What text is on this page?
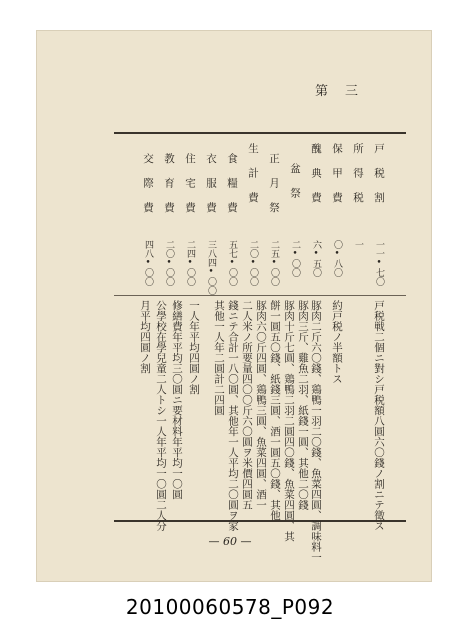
第 三
戸 税 割
所 得 税
保 甲 費
醜 典 費
盆 祭
正 月 祭
生 計 費
食 糧 費
衣 服 費
住 宅 費
教 育 費
交 際 費
一一•七〇
一
〇•八〇
六•五〇
二•〇〇
二五•〇〇
二〇•〇〇
五七•〇〇
三八四•〇〇
二四•〇〇
二〇•〇〇
四八•〇〇
戸税戦二個ニ對シ戸税額八圓六〇錢ノ割ニテ徵ス
約戸税ノ半額トス
豚肉二斤六〇錢、鶏鴨一羽二〇錢、魚菜四圓、調味料一
豚肉三斤、雞魚二羽、紙錢一圓、其他二〇錢
豚肉十斤七圓、鶏鴨二羽二圓四〇錢、魚菜四圓、其
餅一圓五〇錢、紙錢三圓、酒一圓五〇錢、其他
豚肉六〇斤四圓、鶏鴨三圓、魚菜四圓、酒一
二人米ノ所要量四〇〇斤六〇圓ヲ米價四圓五
錢ニテ合計一八〇圓、其他年一人平均二〇圓ヲ家
其他一人年二圓計二四圓
一人年平均四圓ノ割
修繕費年平均三〇圓ニ要材料年平均一〇圓
公學校在學兒童二人トシ一人年平均一〇圓二人分
月平均四圓ノ割
— 60 —
20100060578_P092
